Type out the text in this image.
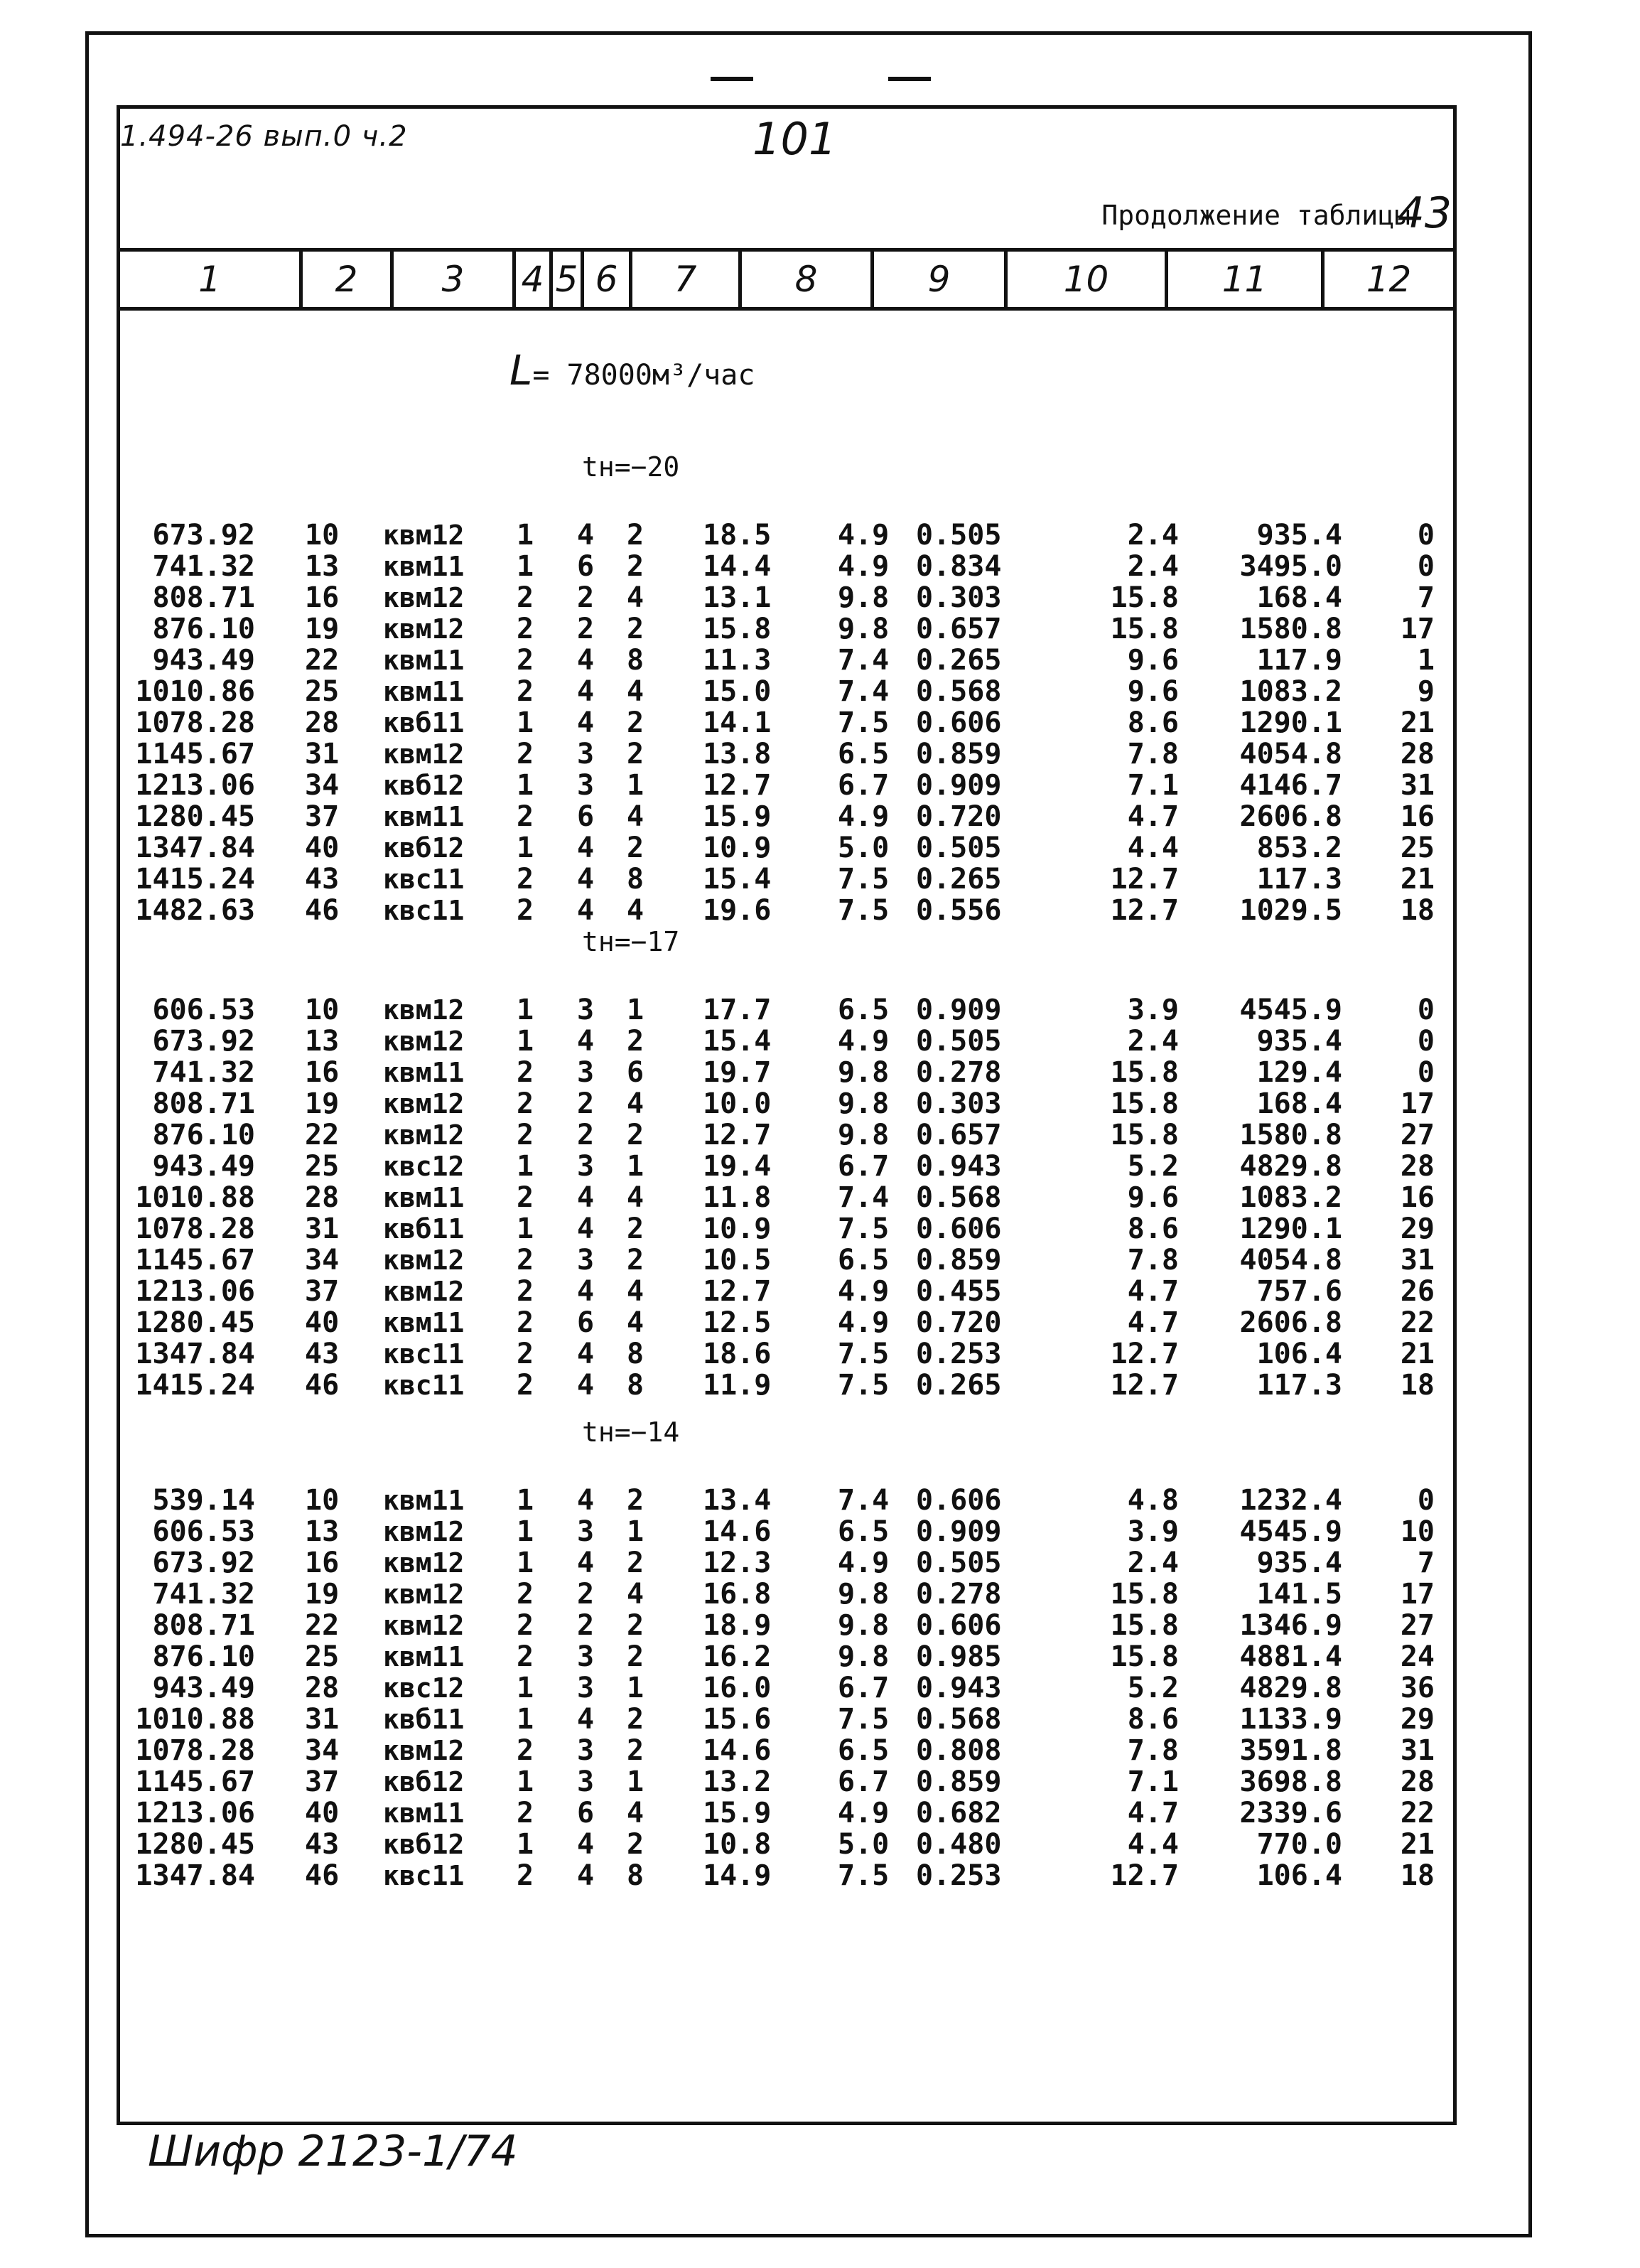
1.494-26 вып.0 ч.2	101
Продолжение таблицы
43
1	2	3	4 5 6	7	8	9	10	11	12
L= 78000м³/час
tн=−20
673.92 10	квм12	1 4 2 18.5	4.9 0.505	2.4	935.4	0
741.32 13	квм11	1 6 2 14.4	4.9 0.834	2.4	3495.0	0
808.71 16	квм12	2 2 4 13.1	9.8 0.303	15.8	168.4	7
876.10 19	квм12	2 2 2 15.8	9.8 0.657	15.8	1580.8	17
943.49 22	квм11	2 4 8 11.3	7.4 0.265	9.6	117.9	1
1010.86 25	квм11	2 4 4 15.0	7.4 0.568	9.6	1083.2	9
1078.28 28	квб11	1 4 2 14.1	7.5 0.606	8.6	1290.1	21
1145.67 31	квм12	2 3 2 13.8	6.5 0.859	7.8	4054.8	28
1213.06 34	квб12	1 3 1 12.7	6.7 0.909	7.1	4146.7	31
1280.45 37	квм11	2 6 4 15.9	4.9 0.720	4.7	2606.8	16
1347.84 40	квб12	1 4 2 10.9	5.0 0.505	4.4	853.2	25
1415.24 43	квс11	2 4 8 15.4	7.5 0.265	12.7	117.3	21
1482.63 46	квс11	2 4 4 19.6	7.5 0.556	12.7	1029.5	18
tн=−17
606.53 10	квм12	1 3 1 17.7	6.5 0.909	3.9	4545.9	0
673.92 13	квм12	1 4 2 15.4	4.9 0.505	2.4	935.4	0
741.32 16	квм11	2 3 6 19.7	9.8 0.278	15.8	129.4	0
808.71 19	квм12	2 2 4 10.0	9.8 0.303	15.8	168.4	17
876.10 22	квм12	2 2 2 12.7	9.8 0.657	15.8	1580.8	27
943.49 25	квс12	1 3 1 19.4	6.7 0.943	5.2	4829.8	28
1010.88 28	квм11	2 4 4 11.8	7.4 0.568	9.6	1083.2	16
1078.28 31	квб11	1 4 2 10.9	7.5 0.606	8.6	1290.1	29
1145.67 34	квм12	2 3 2 10.5	6.5 0.859	7.8	4054.8	31
1213.06 37	квм12	2 4 4 12.7	4.9 0.455	4.7	757.6	26
1280.45 40	квм11	2 6 4 12.5	4.9 0.720	4.7	2606.8	22
1347.84 43	квс11	2 4 8 18.6	7.5 0.253	12.7	106.4	21
1415.24 46	квс11	2 4 8 11.9	7.5 0.265	12.7	117.3	18
tн=−14
539.14 10	квм11	1 4 2 13.4	7.4 0.606	4.8	1232.4	0
606.53 13	квм12	1 3 1 14.6	6.5 0.909	3.9	4545.9	10
673.92 16	квм12	1 4 2 12.3	4.9 0.505	2.4	935.4	7
741.32 19	квм12	2 2 4 16.8	9.8 0.278	15.8	141.5	17
808.71 22	квм12	2 2 2 18.9	9.8 0.606	15.8	1346.9	27
876.10 25	квм11	2 3 2 16.2	9.8 0.985	15.8	4881.4	24
943.49 28	квс12	1 3 1 16.0	6.7 0.943	5.2	4829.8	36
1010.88 31	квб11	1 4 2 15.6	7.5 0.568	8.6	1133.9	29
1078.28 34	квм12	2 3 2 14.6	6.5 0.808	7.8	3591.8	31
1145.67 37	квб12	1 3 1 13.2	6.7 0.859	7.1	3698.8	28
1213.06 40	квм11	2 6 4 15.9	4.9 0.682	4.7	2339.6	22
1280.45 43	квб12	1 4 2 10.8	5.0 0.480	4.4	770.0	21
1347.84 46	квс11	2 4 8 14.9	7.5 0.253	12.7	106.4	18
Шифр 2123-1/74
